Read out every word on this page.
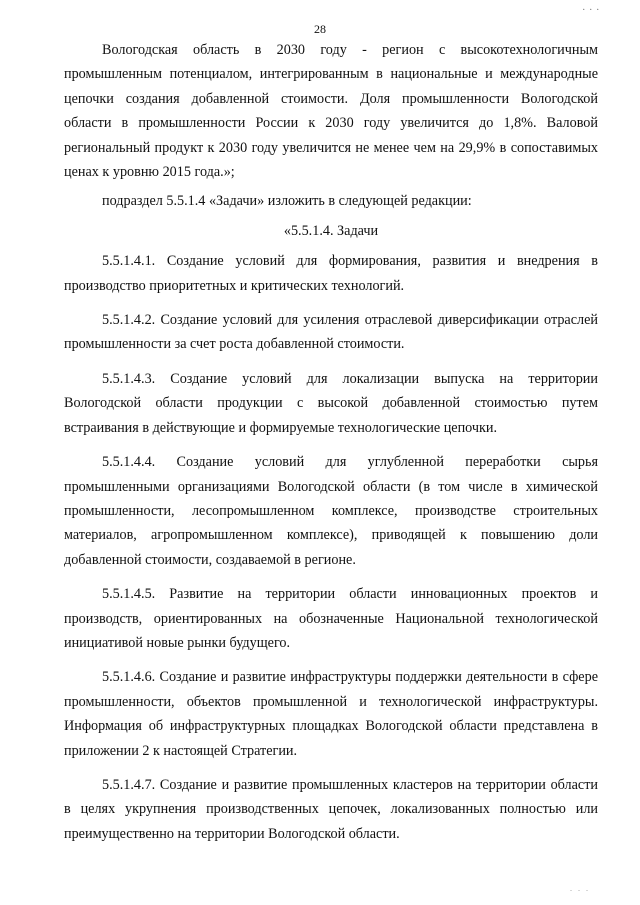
. . .
28

Вологодская область в 2030 году - регион с высокотехнологичным промышленным потенциалом, интегрированным в национальные и международные цепочки создания добавленной стоимости. Доля промышленности Вологодской области в промышленности России к 2030 году увеличится до 1,8%. Валовой региональный продукт к 2030 году увеличится не менее чем на 29,9% в сопоставимых ценах к уровню 2015 года.»;

подраздел 5.5.1.4 «Задачи» изложить в следующей редакции:

«5.5.1.4. Задачи

5.5.1.4.1. Создание условий для формирования, развития и внедрения в производство приоритетных и критических технологий.

5.5.1.4.2. Создание условий для усиления отраслевой диверсификации отраслей промышленности за счет роста добавленной стоимости.

5.5.1.4.3. Создание условий для локализации выпуска на территории Вологодской области продукции с высокой добавленной стоимостью путем встраивания в действующие и формируемые технологические цепочки.

5.5.1.4.4. Создание условий для углубленной переработки сырья промышленными организациями Вологодской области (в том числе в химической промышленности, лесопромышленном комплексе, производстве строительных материалов, агропромышленном комплексе), приводящей к повышению доли добавленной стоимости, создаваемой в регионе.

5.5.1.4.5. Развитие на территории области инновационных проектов и производств, ориентированных на обозначенные Национальной технологической инициативой новые рынки будущего.

5.5.1.4.6. Создание и развитие инфраструктуры поддержки деятельности в сфере промышленности, объектов промышленной и технологической инфраструктуры. Информация об инфраструктурных площадках Вологодской области представлена в приложении 2 к настоящей Стратегии.

5.5.1.4.7. Создание и развитие промышленных кластеров на территории области в целях укрупнения производственных цепочек, локализованных полностью или преимущественно на территории Вологодской области.

. . .
